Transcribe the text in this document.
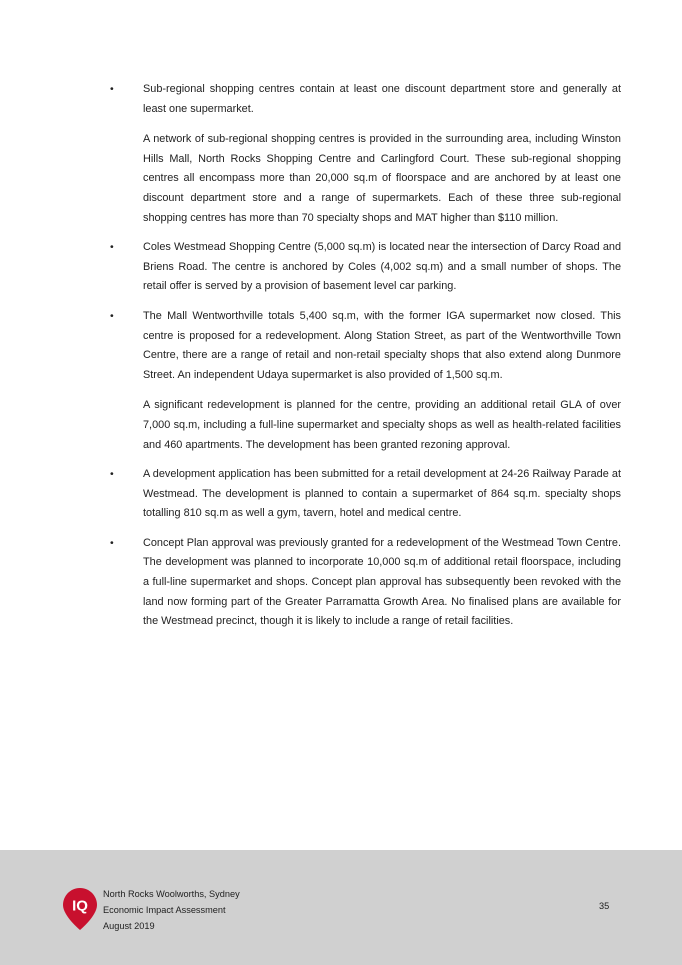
•	Sub-regional shopping centres contain at least one discount department store and generally at least one supermarket.

A network of sub-regional shopping centres is provided in the surrounding area, including Winston Hills Mall, North Rocks Shopping Centre and Carlingford Court. These sub-regional shopping centres all encompass more than 20,000 sq.m of floorspace and are anchored by at least one discount department store and a range of supermarkets. Each of these three sub-regional shopping centres has more than 70 specialty shops and MAT higher than $110 million.

•	Coles Westmead Shopping Centre (5,000 sq.m) is located near the intersection of Darcy Road and Briens Road. The centre is anchored by Coles (4,002 sq.m) and a small number of shops. The retail offer is served by a provision of basement level car parking.

•	The Mall Wentworthville totals 5,400 sq.m, with the former IGA supermarket now closed. This centre is proposed for a redevelopment. Along Station Street, as part of the Wentworthville Town Centre, there are a range of retail and non-retail specialty shops that also extend along Dunmore Street. An independent Udaya supermarket is also provided of 1,500 sq.m.

A significant redevelopment is planned for the centre, providing an additional retail GLA of over 7,000 sq.m, including a full-line supermarket and specialty shops as well as health-related facilities and 460 apartments. The development has been granted rezoning approval.

•	A development application has been submitted for a retail development at 24-26 Railway Parade at Westmead. The development is planned to contain a supermarket of 864 sq.m. specialty shops totalling 810 sq.m as well a gym, tavern, hotel and medical centre.

•	Concept Plan approval was previously granted for a redevelopment of the Westmead Town Centre. The development was planned to incorporate 10,000 sq.m of additional retail floorspace, including a full-line supermarket and shops. Concept plan approval has subsequently been revoked with the land now forming part of the Greater Parramatta Growth Area. No finalised plans are available for the Westmead precinct, though it is likely to include a range of retail facilities.

IQ
North Rocks Woolworths, Sydney
Economic Impact Assessment
August 2019
35
